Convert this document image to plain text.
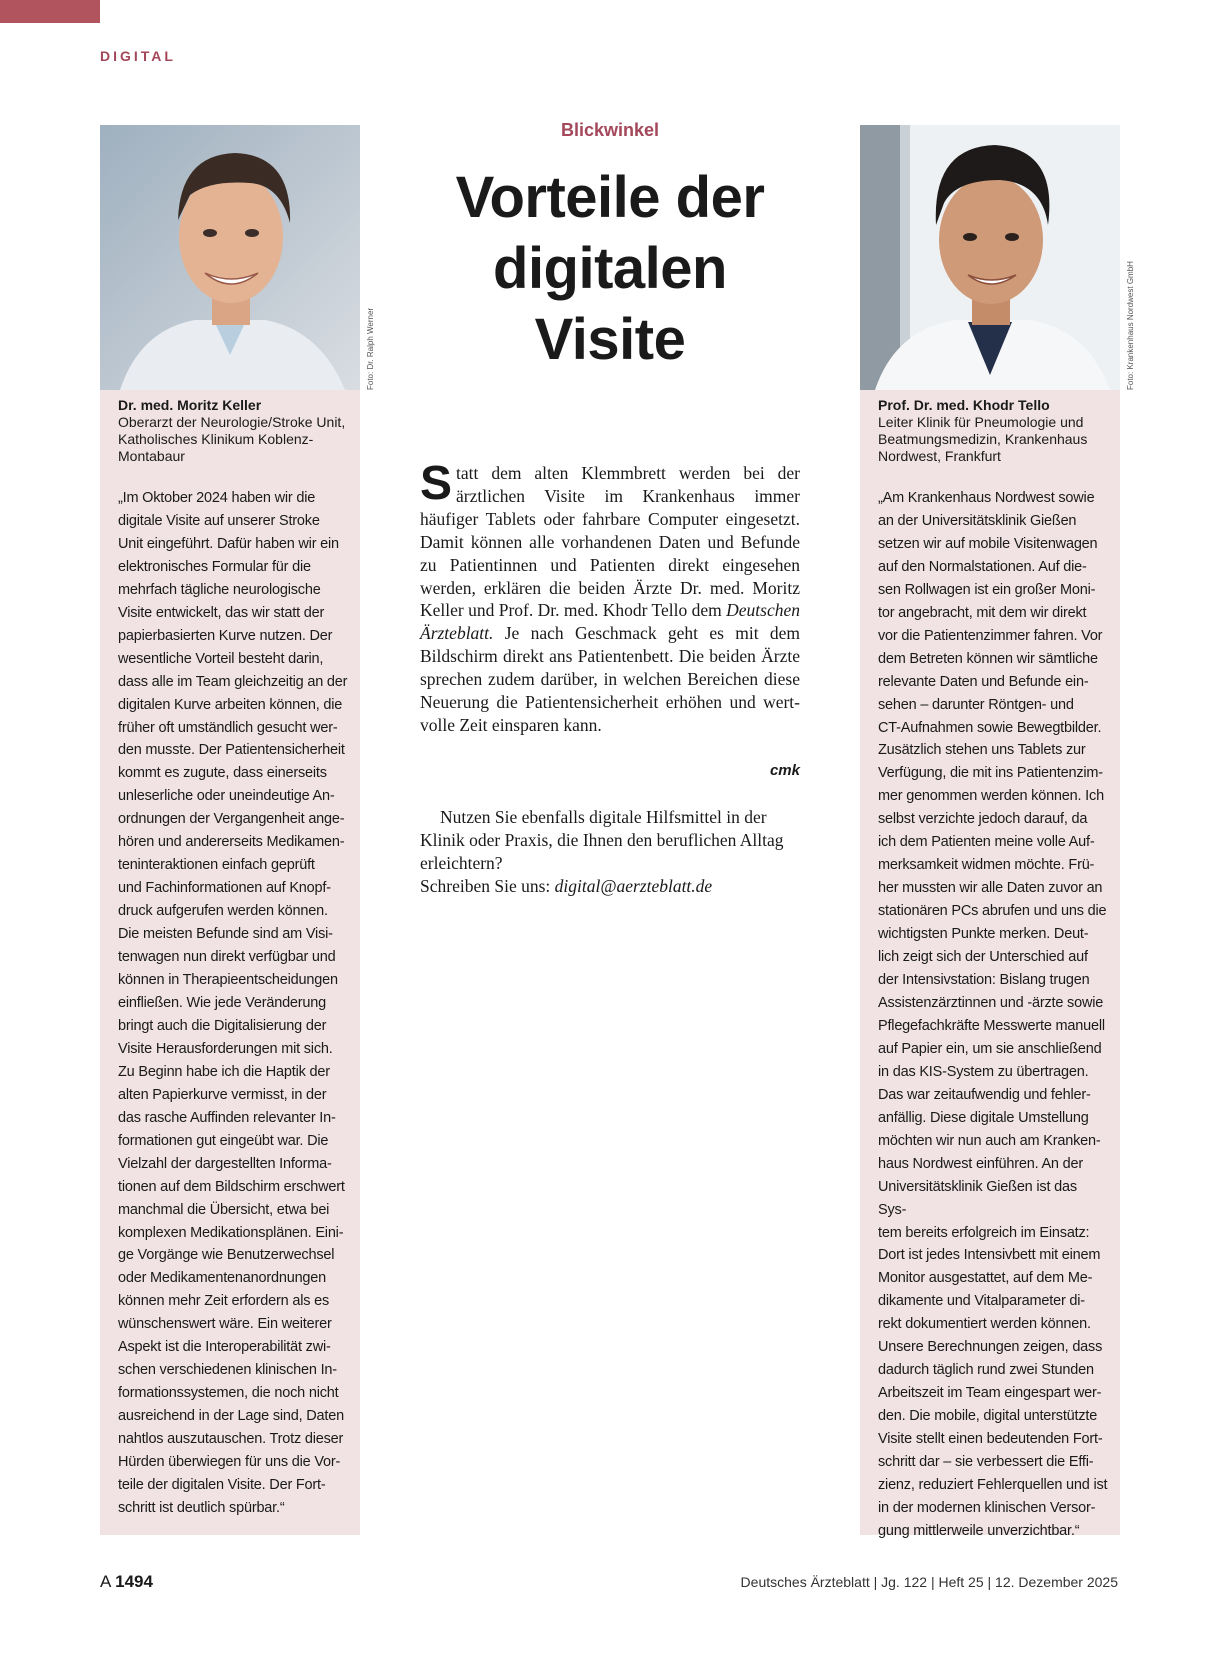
DIGITAL
Dr. med. Moritz Keller
Oberarzt der Neurologie/Stroke Unit,
Katholisches Klinikum Koblenz-
Montabaur
„Im Oktober 2024 haben wir die
digitale Visite auf unserer Stroke
Unit eingeführt. Dafür haben wir ein
elektronisches Formular für die
mehrfach tägliche neurologische
Visite entwickelt, das wir statt der
papierbasierten Kurve nutzen. Der
wesentliche Vorteil besteht darin,
dass alle im Team gleichzeitig an der
digitalen Kurve arbeiten können, die
früher oft umständlich gesucht wer-
den musste. Der Patientensicherheit
kommt es zugute, dass einerseits
unleserliche oder uneindeutige An-
ordnungen der Vergangenheit ange-
hören und andererseits Medikamen-
teninteraktionen einfach geprüft
und Fachinformationen auf Knopf-
druck aufgerufen werden können.
Die meisten Befunde sind am Visi-
tenwagen nun direkt verfügbar und
können in Therapieentscheidungen
einfließen. Wie jede Veränderung
bringt auch die Digitalisierung der
Visite Herausforderungen mit sich.
Zu Beginn habe ich die Haptik der
alten Papierkurve vermisst, in der
das rasche Auffinden relevanter In-
formationen gut eingeübt war. Die
Vielzahl der dargestellten Informa-
tionen auf dem Bildschirm erschwert
manchmal die Übersicht, etwa bei
komplexen Medikationsplänen. Eini-
ge Vorgänge wie Benutzerwechsel
oder Medikamentenanordnungen
können mehr Zeit erfordern als es
wünschenswert wäre. Ein weiterer
Aspekt ist die Interoperabilität zwi-
schen verschiedenen klinischen In-
formationssystemen, die noch nicht
ausreichend in der Lage sind, Daten
nahtlos auszutauschen. Trotz dieser
Hürden überwiegen für uns die Vor-
teile der digitalen Visite. Der Fort-
schritt ist deutlich spürbar.“
Foto: Dr. Ralph Werner
Prof. Dr. med. Khodr Tello
Leiter Klinik für Pneumologie und
Beatmungsmedizin, Krankenhaus
Nordwest, Frankfurt
„Am Krankenhaus Nordwest sowie
an der Universitätsklinik Gießen
setzen wir auf mobile Visitenwagen
auf den Normalstationen. Auf die-
sen Rollwagen ist ein großer Moni-
tor angebracht, mit dem wir direkt
vor die Patientenzimmer fahren. Vor
dem Betreten können wir sämtliche
relevante Daten und Befunde ein-
sehen – darunter Röntgen- und
CT-Aufnahmen sowie Bewegtbilder.
Zusätzlich stehen uns Tablets zur
Verfügung, die mit ins Patientenzim-
mer genommen werden können. Ich
selbst verzichte jedoch darauf, da
ich dem Patienten meine volle Auf-
merksamkeit widmen möchte. Frü-
her mussten wir alle Daten zuvor an
stationären PCs abrufen und uns die
wichtigsten Punkte merken. Deut-
lich zeigt sich der Unterschied auf
der Intensivstation: Bislang trugen
Assistenzärztinnen und -ärzte sowie
Pflegefachkräfte Messwerte manuell
auf Papier ein, um sie anschließend
in das KIS-System zu übertragen.
Das war zeitaufwendig und fehler-
anfällig. Diese digitale Umstellung
möchten wir nun auch am Kranken-
haus Nordwest einführen. An der
Universitätsklinik Gießen ist das Sys-
tem bereits erfolgreich im Einsatz:
Dort ist jedes Intensivbett mit einem
Monitor ausgestattet, auf dem Me-
dikamente und Vitalparameter di-
rekt dokumentiert werden können.
Unsere Berechnungen zeigen, dass
dadurch täglich rund zwei Stunden
Arbeitszeit im Team eingespart wer-
den. Die mobile, digital unterstützte
Visite stellt einen bedeutenden Fort-
schritt dar – sie verbessert die Effi-
zienz, reduziert Fehlerquellen und ist
in der modernen klinischen Versor-
gung mittlerweile unverzichtbar.“
Foto: Krankenhaus Nordwest GmbH
Blickwinkel
Vorteile der
digitalen
Visite
Statt dem alten Klemmbrett werden bei der ärztlichen Visite im Krankenhaus immer häufiger Tablets oder fahrbare Computer eingesetzt. Damit können alle vorhandenen Daten und Befunde zu Patientinnen und Patienten direkt eingesehen werden, erklären die beiden Ärzte Dr. med. Moritz Keller und Prof. Dr. med. Khodr Tello dem Deutschen Ärzteblatt. Je nach Geschmack geht es mit dem Bildschirm direkt ans Patientenbett. Die beiden Ärzte sprechen zudem darüber, in welchen Bereichen diese Neuerung die Patientensicherheit erhöhen und wertvolle Zeit einsparen kann.
cmk

Nutzen Sie ebenfalls digitale Hilfsmittel in der Klinik oder Praxis, die Ihnen den beruflichen Alltag erleichtern?

Schreiben Sie uns: digital@aerzteblatt.de

A 1494	Deutsches Ärzteblatt | Jg. 122 | Heft 25 | 12. Dezember 2025
